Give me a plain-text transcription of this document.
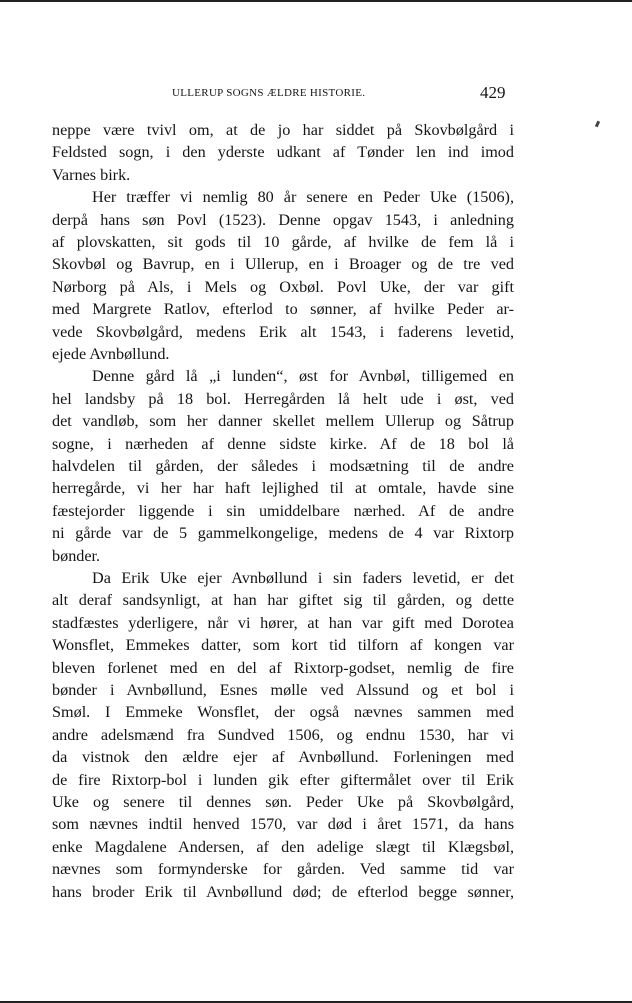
ULLERUP SOGNS ÆLDRE HISTORIE.	429
neppe være tvivl om, at de jo har siddet på Skovbølgård i
Feldsted sogn, i den yderste udkant af Tønder len ind imod
Varnes birk.
Her træffer vi nemlig 80 år senere en Peder Uke (1506),
derpå hans søn Povl (1523). Denne opgav 1543, i anledning
af plovskatten, sit gods til 10 gårde, af hvilke de fem lå i
Skovbøl og Bavrup, en i Ullerup, en i Broager og de tre ved
Nørborg på Als, i Mels og Oxbøl. Povl Uke, der var gift
med Margrete Ratlov, efterlod to sønner, af hvilke Peder ar-
vede Skovbølgård, medens Erik alt 1543, i faderens levetid,
ejede Avnbøllund.
Denne gård lå „i lunden“, øst for Avnbøl, tilligemed en
hel landsby på 18 bol. Herregården lå helt ude i øst, ved
det vandløb, som her danner skellet mellem Ullerup og Såtrup
sogne, i nærheden af denne sidste kirke. Af de 18 bol lå
halvdelen til gården, der således i modsætning til de andre
herregårde, vi her har haft lejlighed til at omtale, havde sine
fæstejorder liggende i sin umiddelbare nærhed. Af de andre
ni gårde var de 5 gammelkongelige, medens de 4 var Rixtorp
bønder.
Da Erik Uke ejer Avnbøllund i sin faders levetid, er det
alt deraf sandsynligt, at han har giftet sig til gården, og dette
stadfæstes yderligere, når vi hører, at han var gift med Dorotea
Wonsflet, Emmekes datter, som kort tid tilforn af kongen var
bleven forlenet med en del af Rixtorp-godset, nemlig de fire
bønder i Avnbøllund, Esnes mølle ved Alssund og et bol i
Smøl. I Emmeke Wonsflet, der også nævnes sammen med
andre adelsmænd fra Sundved 1506, og endnu 1530, har vi
da vistnok den ældre ejer af Avnbøllund. Forleningen med
de fire Rixtorp-bol i lunden gik efter giftermålet over til Erik
Uke og senere til dennes søn. Peder Uke på Skovbølgård,
som nævnes indtil henved 1570, var død i året 1571, da hans
enke Magdalene Andersen, af den adelige slægt til Klægsbøl,
nævnes som formynderske for gården. Ved samme tid var
hans broder Erik til Avnbøllund død; de efterlod begge sønner,
